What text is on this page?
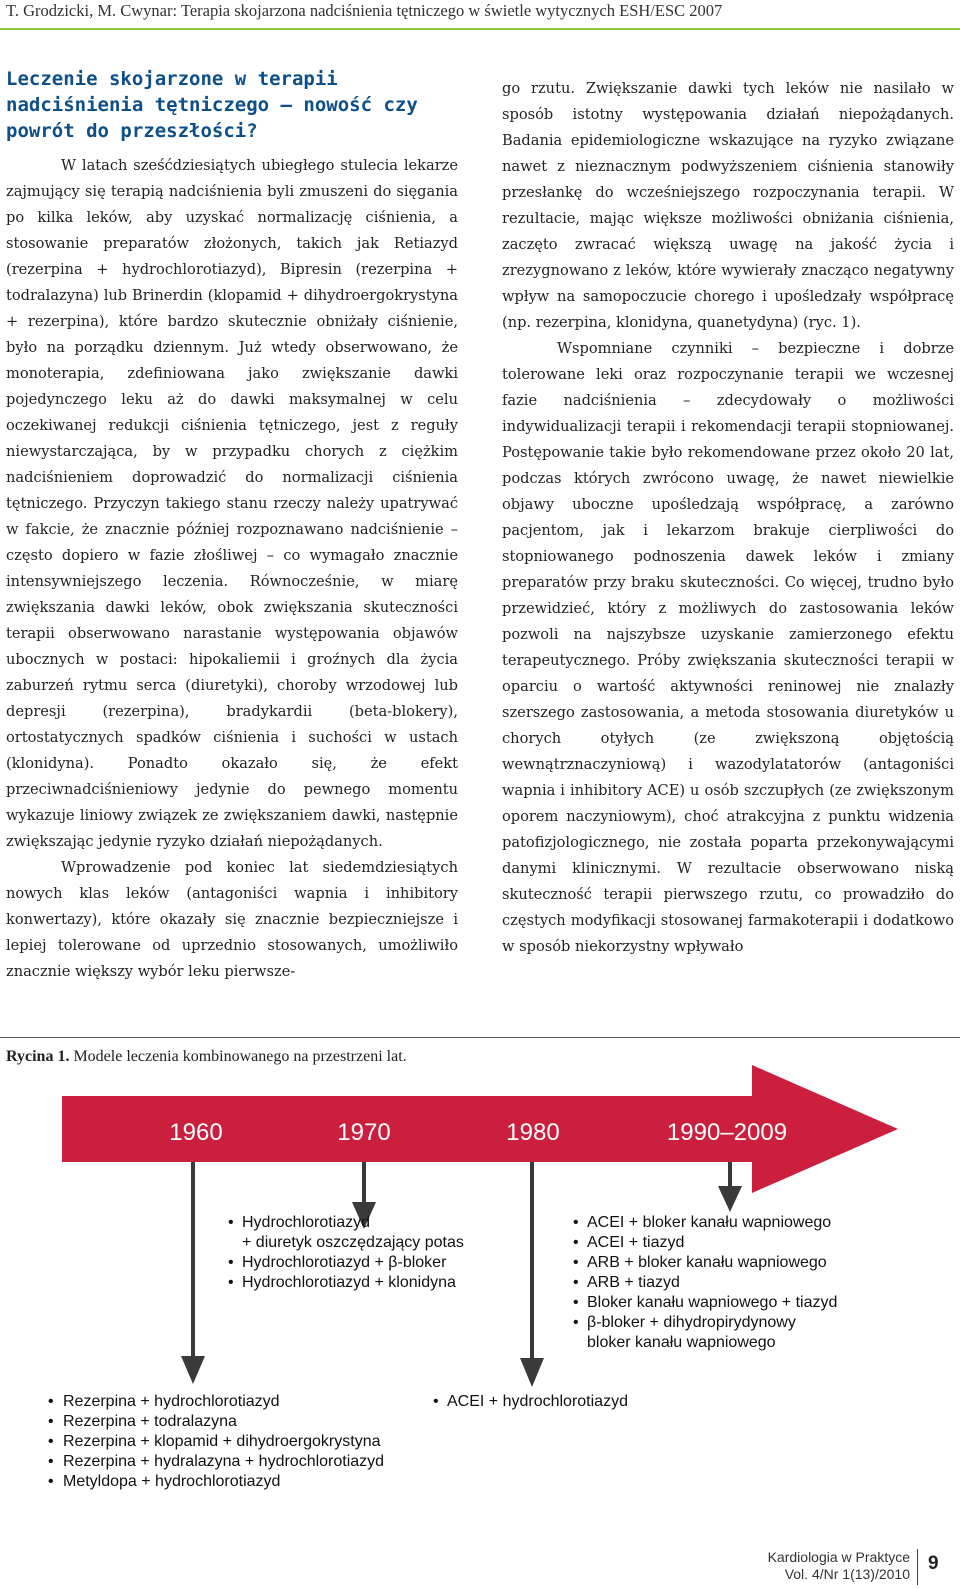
T. Grodzicki, M. Cwynar: Terapia skojarzona nadciśnienia tętniczego w świetle wytycznych ESH/ESC 2007
Leczenie skojarzone w terapii nadciśnienia tętniczego – nowość czy powrót do przeszłości?

W latach sześćdziesiątych ubiegłego stulecia lekarze zajmujący się terapią nadciśnienia byli zmuszeni do sięgania po kilka leków, aby uzyskać normalizację ciśnienia, a stosowanie preparatów złożonych, takich jak Retiazyd (rezerpina + hydrochlorotiazyd), Bipresin (rezerpina + todralazyna) lub Brinerdin (klopamid + dihydroergokrystyna + rezerpina), które bardzo skutecznie obniżały ciśnienie, było na porządku dziennym. Już wtedy obserwowano, że monoterapia, zdefiniowana jako zwiększanie dawki pojedynczego leku aż do dawki maksymalnej w celu oczekiwanej redukcji ciśnienia tętniczego, jest z reguły niewystarczająca, by w przypadku chorych z ciężkim nadciśnieniem doprowadzić do normalizacji ciśnienia tętniczego. Przyczyn takiego stanu rzeczy należy upatrywać w fakcie, że znacznie później rozpoznawano nadciśnienie – często dopiero w fazie złośliwej – co wymagało znacznie intensywniejszego leczenia. Równocześnie, w miarę zwiększania dawki leków, obok zwiększania skuteczności terapii obserwowano narastanie występowania objawów ubocznych w postaci: hipokaliemii i groźnych dla życia zaburzeń rytmu serca (diuretyki), choroby wrzodowej lub depresji (rezerpina), bradykardii (beta-blokery), ortostatycznych spadków ciśnienia i suchości w ustach (klonidyna). Ponadto okazało się, że efekt przeciwnadciśnieniowy jedynie do pewnego momentu wykazuje liniowy związek ze zwiększaniem dawki, następnie zwiększając jedynie ryzyko działań niepożądanych.

Wprowadzenie pod koniec lat siedemdziesiątych nowych klas leków (antagoniści wapnia i inhibitory konwertazy), które okazały się znacznie bezpieczniejsze i lepiej tolerowane od uprzednio stosowanych, umożliwiło znacznie większy wybór leku pierwsze-

go rzutu. Zwiększanie dawki tych leków nie nasilało w sposób istotny występowania działań niepożądanych. Badania epidemiologiczne wskazujące na ryzyko związane nawet z nieznacznym podwyższeniem ciśnienia stanowiły przesłankę do wcześniejszego rozpoczynania terapii. W rezultacie, mając większe możliwości obniżania ciśnienia, zaczęto zwracać większą uwagę na jakość życia i zrezygnowano z leków, które wywierały znacząco negatywny wpływ na samopoczucie chorego i upośledzały współpracę (np. rezerpina, klonidyna, quanetydyna) (ryc. 1).

Wspomniane czynniki – bezpieczne i dobrze tolerowane leki oraz rozpoczynanie terapii we wczesnej fazie nadciśnienia – zdecydowały o możliwości indywidualizacji terapii i rekomendacji terapii stopniowanej. Postępowanie takie było rekomendowane przez około 20 lat, podczas których zwrócono uwagę, że nawet niewielkie objawy uboczne upośledzają współpracę, a zarówno pacjentom, jak i lekarzom brakuje cierpliwości do stopniowanego podnoszenia dawek leków i zmiany preparatów przy braku skuteczności. Co więcej, trudno było przewidzieć, który z możliwych do zastosowania leków pozwoli na najszybsze uzyskanie zamierzonego efektu terapeutycznego. Próby zwiększania skuteczności terapii w oparciu o wartość aktywności reninowej nie znalazły szerszego zastosowania, a metoda stosowania diuretyków u chorych otyłych (ze zwiększoną objętością wewnątrznaczyniową) i wazodylatatorów (antagoniści wapnia i inhibitory ACE) u osób szczupłych (ze zwiększonym oporem naczyniowym), choć atrakcyjna z punktu widzenia patofizjologicznego, nie została poparta przekonywającymi danymi klinicznymi. W rezultacie obserwowano niską skuteczność terapii pierwszego rzutu, co prowadziło do częstych modyfikacji stosowanej farmakoterapii i dodatkowo w sposób niekorzystny wpływało

Rycina 1. Modele leczenia kombinowanego na przestrzeni lat.
1960	1970	1980	1990–2009
• Hydrochlorotiazyd
+ diuretyk oszczędzający potas
• Hydrochlorotiazyd + β-bloker
• Hydrochlorotiazyd + klonidyna
• ACEI + bloker kanału wapniowego
• ACEI + tiazyd
• ARB + bloker kanału wapniowego
• ARB + tiazyd
• Bloker kanału wapniowego + tiazyd
• β-bloker + dihydropirydynowy
bloker kanału wapniowego
• Rezerpina + hydrochlorotiazyd
• Rezerpina + todralazyna
• Rezerpina + klopamid + dihydroergokrystyna
• Rezerpina + hydralazyna + hydrochlorotiazyd
• Metyldopa + hydrochlorotiazyd
• ACEI + hydrochlorotiazyd
Kardiologia w Praktyce
Vol. 4/Nr 1(13)/2010 9
